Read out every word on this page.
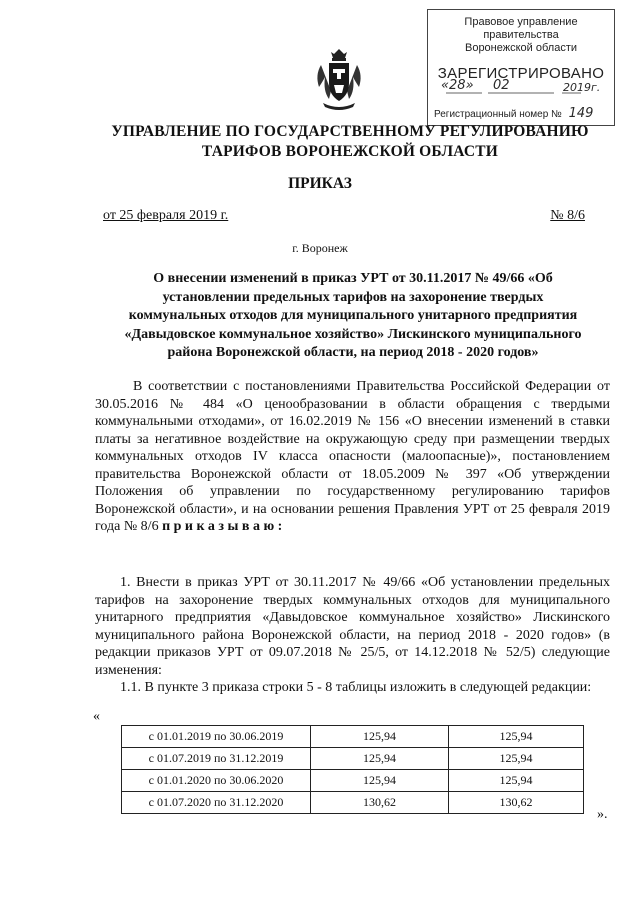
Правовое управление правительства
Воронежской области
ЗАРЕГИСТРИРОВАНО
«28» 02	2019г.
Регистрационный номер № 149
УПРАВЛЕНИЕ ПО ГОСУДАРСТВЕННОМУ РЕГУЛИРОВАНИЮ
ТАРИФОВ ВОРОНЕЖСКОЙ ОБЛАСТИ
ПРИКАЗ
от 25 февраля 2019 г.	№ 8/6
г. Воронеж
О внесении изменений в приказ УРТ от 30.11.2017 № 49/66 «Об установлении предельных тарифов на захоронение твердых коммунальных отходов для муниципального унитарного предприятия «Давыдовское коммунальное хозяйство» Лискинского муниципального района Воронежской области, на период 2018 - 2020 годов»
В соответствии с постановлениями Правительства Российской Федерации от 30.05.2016 № 484 «О ценообразовании в области обращения с твердыми коммунальными отходами», от 16.02.2019 № 156 «О внесении изменений в ставки платы за негативное воздействие на окружающую среду при размещении твердых коммунальных отходов IV класса опасности (малоопасные)», постановлением правительства Воронежской области от 18.05.2009 № 397 «Об утверждении Положения об управлении по государственному регулированию тарифов Воронежской области», и на основании решения Правления УРТ от 25 февраля 2019 года № 8/6 приказываю:
1. Внести в приказ УРТ от 30.11.2017 № 49/66 «Об установлении предельных тарифов на захоронение твердых коммунальных отходов для муниципального унитарного предприятия «Давыдовское коммунальное хозяйство» Лискинского муниципального района Воронежской области, на период 2018 - 2020 годов» (в редакции приказов УРТ от 09.07.2018 № 25/5, от 14.12.2018 № 52/5) следующие изменения:
1.1. В пункте 3 приказа строки 5 - 8 таблицы изложить в следующей редакции:
«
с 01.01.2019 по 30.06.2019	125,94	125,94
с 01.07.2019 по 31.12.2019	125,94	125,94
с 01.01.2020 по 30.06.2020	125,94	125,94
с 01.07.2020 по 31.12.2020	130,62	130,62
».
